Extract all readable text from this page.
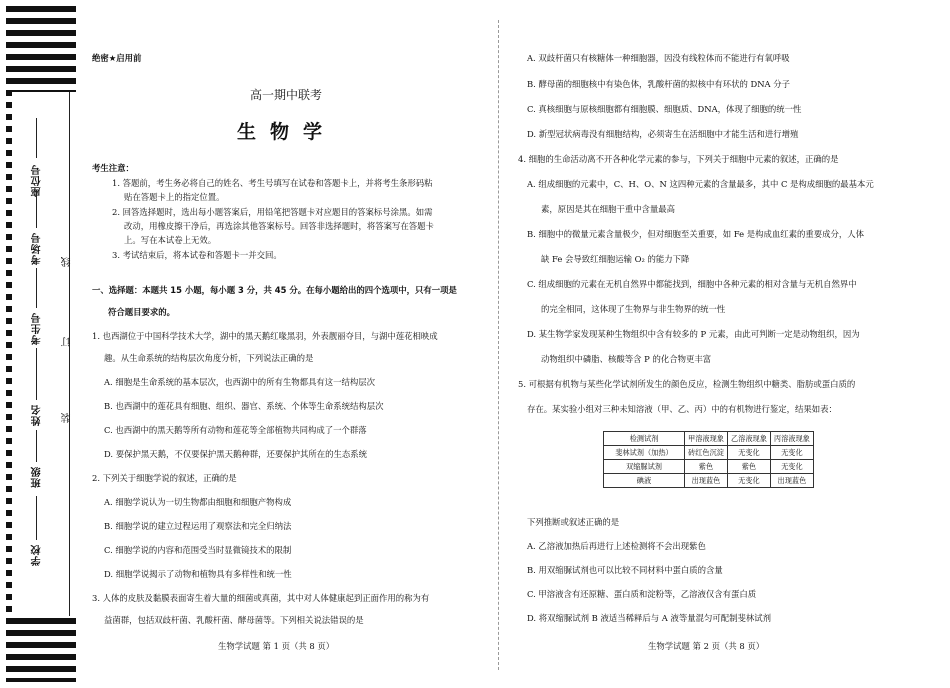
座位号
考场号
考生号
姓名
班级
学校
线
订
装
绝密★启用前
高一期中联考
生物学
考生注意：
1. 答题前，考生务必将自己的姓名、考生号填写在试卷和答题卡上，并将考生条形码粘
贴在答题卡上的指定位置。
2. 回答选择题时，选出每小题答案后，用铅笔把答题卡对应题目的答案标号涂黑。如需
改动，用橡皮擦干净后，再选涂其他答案标号。回答非选择题时，将答案写在答题卡
上。写在本试卷上无效。
3. 考试结束后，将本试卷和答题卡一并交回。
一、选择题：本题共 15 小题，每小题 3 分，共 45 分。在每小题给出的四个选项中，只有一项是
符合题目要求的。
1. 也西湖位于中国科学技术大学，湖中的黑天鹅红喙黑羽，外表靓丽夺目，与湖中莲花相映成
趣。从生命系统的结构层次角度分析，下列说法正确的是
A. 细胞是生命系统的基本层次，也西湖中的所有生物都具有这一结构层次
B. 也西湖中的莲花具有细胞、组织、器官、系统、个体等生命系统结构层次
C. 也西湖中的黑天鹅等所有动物和莲花等全部植物共同构成了一个群落
D. 要保护黑天鹅，不仅要保护黑天鹅种群，还要保护其所在的生态系统
2. 下列关于细胞学说的叙述，正确的是
A. 细胞学说认为一切生物都由细胞和细胞产物构成
B. 细胞学说的建立过程运用了观察法和完全归纳法
C. 细胞学说的内容和范围受当时显微镜技术的限制
D. 细胞学说揭示了动物和植物具有多样性和统一性
3. 人体的皮肤及黏膜表面寄生着大量的细菌或真菌，其中对人体健康起到正面作用的称为有
益菌群，包括双歧杆菌、乳酸杆菌、酵母菌等。下列相关说法错误的是
生物学试题 第 1 页（共 8 页）
A. 双歧杆菌只有核糖体一种细胞器，因没有线粒体而不能进行有氧呼吸
B. 酵母菌的细胞核中有染色体，乳酸杆菌的拟核中有环状的 DNA 分子
C. 真核细胞与原核细胞都有细胞膜、细胞质、DNA，体现了细胞的统一性
D. 新型冠状病毒没有细胞结构，必须寄生在活细胞中才能生活和进行增殖
4. 细胞的生命活动离不开各种化学元素的参与，下列关于细胞中元素的叙述，正确的是
A. 组成细胞的元素中，C、H、O、N 这四种元素的含量最多，其中 C 是构成细胞的最基本元
素，原因是其在细胞干重中含量最高
B. 细胞中的微量元素含量极少，但对细胞至关重要，如 Fe 是构成血红素的重要成分，人体
缺 Fe 会导致红细胞运输 O₂ 的能力下降
C. 组成细胞的元素在无机自然界中都能找到，细胞中各种元素的相对含量与无机自然界中
的完全相同，这体现了生物界与非生物界的统一性
D. 某生物学家发现某种生物组织中含有较多的 P 元素，由此可判断一定是动物组织，因为
动物组织中磷脂、核酸等含 P 的化合物更丰富
5. 可根据有机物与某些化学试剂所发生的颜色反应，检测生物组织中糖类、脂肪或蛋白质的
存在。某实验小组对三种未知溶液（甲、乙、丙）中的有机物进行鉴定，结果如表：
检测试剂	甲溶液现象	乙溶液现象	丙溶液现象
斐林试剂（加热）	砖红色沉淀	无变化	无变化
双缩脲试剂	紫色	紫色	无变化
碘液	出现蓝色	无变化	出现蓝色
下列推断或叙述正确的是
A. 乙溶液加热后再进行上述检测将不会出现紫色
B. 用双缩脲试剂也可以比较不同材料中蛋白质的含量
C. 甲溶液含有还原糖、蛋白质和淀粉等，乙溶液仅含有蛋白质
D. 将双缩脲试剂 B 液适当稀释后与 A 液等量混匀可配制斐林试剂
生物学试题 第 2 页（共 8 页）
